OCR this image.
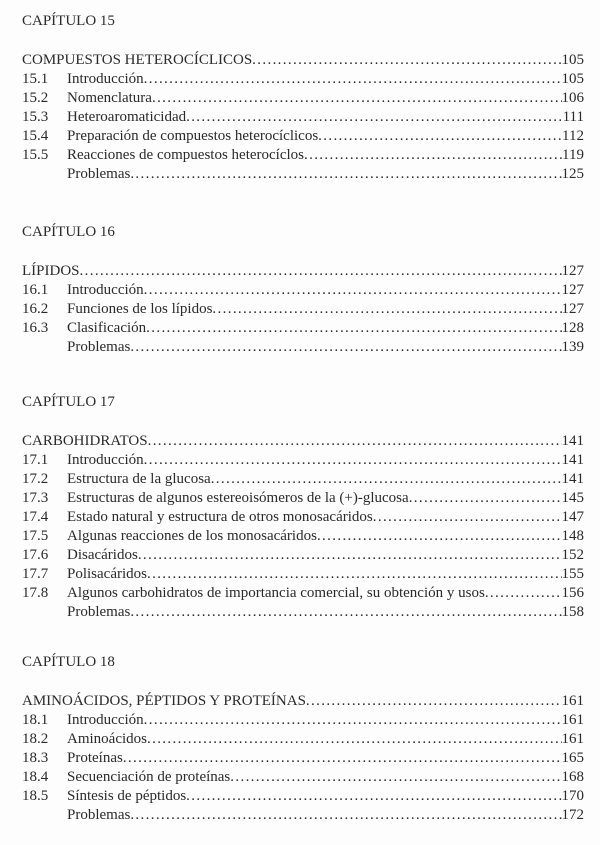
CAPÍTULO 15
COMPUESTOS HETEROCÍCLICOS . . .	105
15.1	Introducción . . .	105
15.2	Nomenclatura . . .	106
15.3	Heteroaromaticidad . . .	111
15.4	Preparación de compuestos heterocíclicos . . .	112
15.5	Reacciones de compuestos heterocíclos . . .	119
Problemas . . .	125
CAPÍTULO 16
LÍPIDOS . . .	127
16.1	Introducción . . .	127
16.2	Funciones de los lípidos . . .	127
16.3	Clasificación . . .	128
Problemas . . .	139
CAPÍTULO 17
CARBOHIDRATOS . . .	141
17.1	Introducción . . .	141
17.2	Estructura de la glucosa . . .	141
17.3	Estructuras de algunos estereoisómeros de la (+)-glucosa . . .	145
17.4	Estado natural y estructura de otros monosacáridos . . .	147
17.5	Algunas reacciones de los monosacáridos . . .	148
17.6	Disacáridos . . .	152
17.7	Polisacáridos . . .	155
17.8	Algunos carbohidratos de importancia comercial, su obtención y usos . . .	156
Problemas . . .	158
CAPÍTULO 18
AMINOÁCIDOS, PÉPTIDOS Y PROTEÍNAS . . .	161
18.1	Introducción . . .	161
18.2	Aminoácidos . . .	161
18.3	Proteínas . . .	165
18.4	Secuenciación de proteínas . . .	168
18.5	Síntesis de péptidos . . .	170
Problemas . . .	172
